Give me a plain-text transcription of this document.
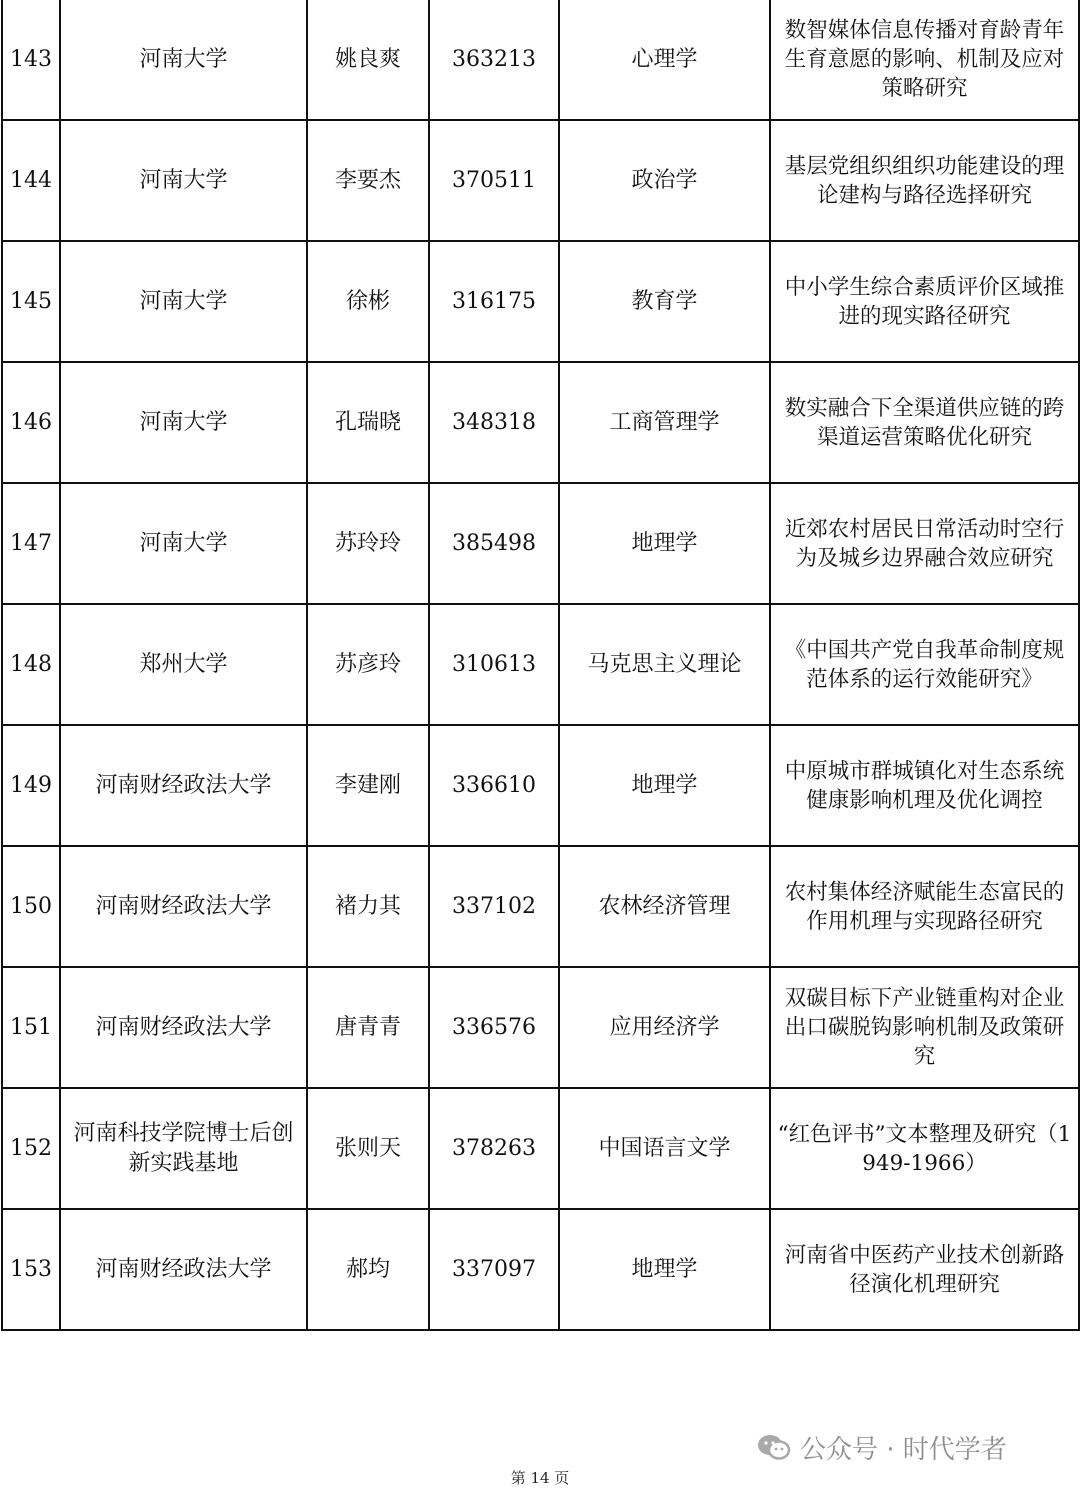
143	河南大学	姚良爽	363213	心理学	数智媒体信息传播对育龄青年生育意愿的影响、机制及应对策略研究
144	河南大学	李要杰	370511	政治学	基层党组织组织功能建设的理论建构与路径选择研究
145	河南大学	徐彬	316175	教育学	中小学生综合素质评价区域推进的现实路径研究
146	河南大学	孔瑞晓	348318	工商管理学	数实融合下全渠道供应链的跨渠道运营策略优化研究
147	河南大学	苏玲玲	385498	地理学	近郊农村居民日常活动时空行为及城乡边界融合效应研究
148	郑州大学	苏彦玲	310613	马克思主义理论	《中国共产党自我革命制度规范体系的运行效能研究》
149	河南财经政法大学	李建刚	336610	地理学	中原城市群城镇化对生态系统健康影响机理及优化调控
150	河南财经政法大学	褚力其	337102	农林经济管理	农村集体经济赋能生态富民的作用机理与实现路径研究
151	河南财经政法大学	唐青青	336576	应用经济学	双碳目标下产业链重构对企业出口碳脱钩影响机制及政策研究
152	河南科技学院博士后创新实践基地	张则天	378263	中国语言文学	“红色评书”文本整理及研究（1949-1966）
153	河南财经政法大学	郝均	337097	地理学	河南省中医药产业技术创新路径演化机理研究
公众号 · 时代学者
第 14 页
